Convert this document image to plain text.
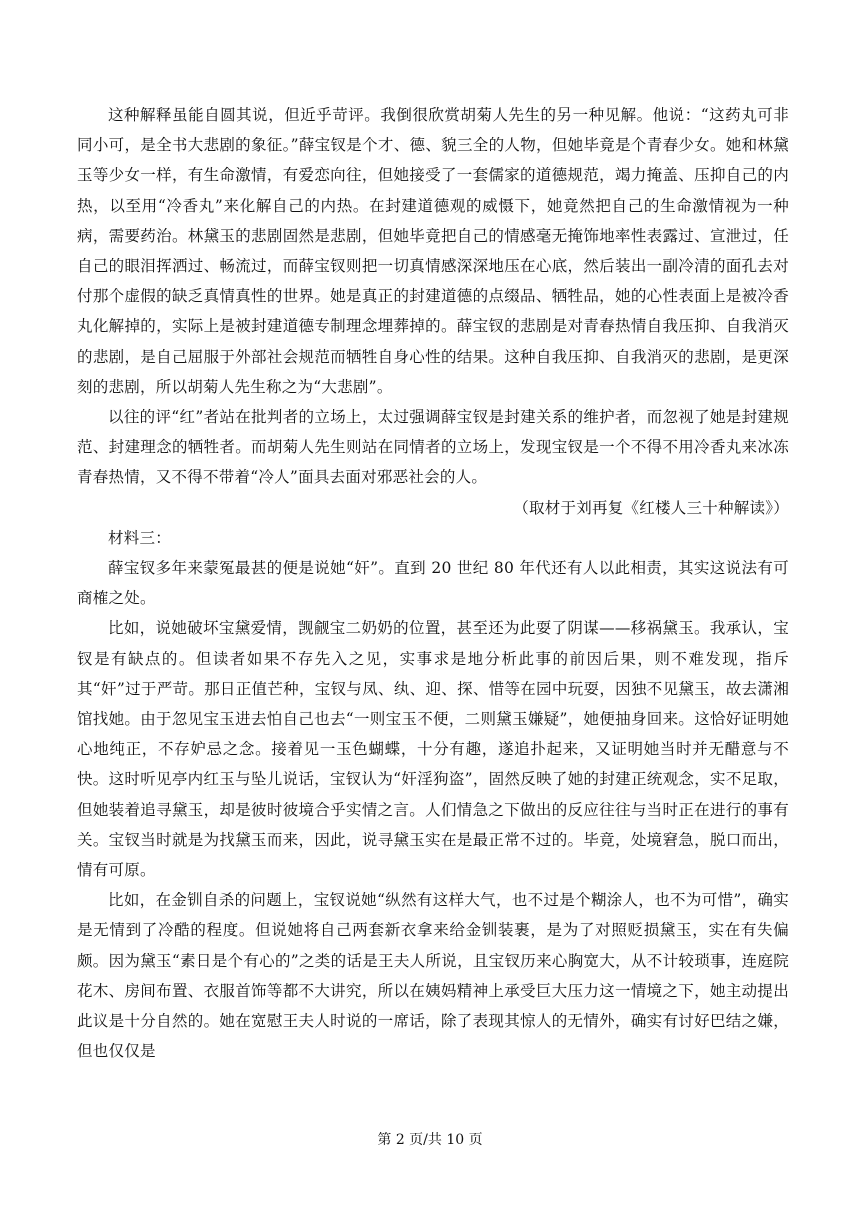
这种解释虽能自圆其说，但近乎苛评。我倒很欣赏胡菊人先生的另一种见解。他说：“这药丸可非同小可，是全书大悲剧的象征。”薛宝钗是个才、德、貌三全的人物，但她毕竟是个青春少女。她和林黛玉等少女一样，有生命激情，有爱恋向往，但她接受了一套儒家的道德规范，竭力掩盖、压抑自己的内热，以至用“冷香丸”来化解自己的内热。在封建道德观的威慑下，她竟然把自己的生命激情视为一种病，需要药治。林黛玉的悲剧固然是悲剧，但她毕竟把自己的情感毫无掩饰地率性表露过、宣泄过，任自己的眼泪挥洒过、畅流过，而薛宝钗则把一切真情感深深地压在心底，然后装出一副冷清的面孔去对付那个虚假的缺乏真情真性的世界。她是真正的封建道德的点缀品、牺牲品，她的心性表面上是被冷香丸化解掉的，实际上是被封建道德专制理念埋葬掉的。薛宝钗的悲剧是对青春热情自我压抑、自我消灭的悲剧，是自己屈服于外部社会规范而牺牲自身心性的结果。这种自我压抑、自我消灭的悲剧，是更深刻的悲剧，所以胡菊人先生称之为“大悲剧”。

以往的评“红”者站在批判者的立场上，太过强调薛宝钗是封建关系的维护者，而忽视了她是封建规范、封建理念的牺牲者。而胡菊人先生则站在同情者的立场上，发现宝钗是一个不得不用冷香丸来冰冻青春热情，又不得不带着“冷人”面具去面对邪恶社会的人。

（取材于刘再复《红楼人三十种解读》）

材料三：

薛宝钗多年来蒙冤最甚的便是说她“奸”。直到 20 世纪 80 年代还有人以此相责，其实这说法有可商榷之处。

比如，说她破坏宝黛爱情，觊觎宝二奶奶的位置，甚至还为此耍了阴谋——移祸黛玉。我承认，宝钗是有缺点的。但读者如果不存先入之见，实事求是地分析此事的前因后果，则不难发现，指斥其“奸”过于严苛。那日正值芒种，宝钗与凤、纨、迎、探、惜等在园中玩耍，因独不见黛玉，故去潇湘馆找她。由于忽见宝玉进去怕自己也去“一则宝玉不便，二则黛玉嫌疑”，她便抽身回来。这恰好证明她心地纯正，不存妒忌之念。接着见一玉色蝴蝶，十分有趣，遂追扑起来，又证明她当时并无醋意与不快。这时听见亭内红玉与坠儿说话，宝钗认为“奸淫狗盗”，固然反映了她的封建正统观念，实不足取，但她装着追寻黛玉，却是彼时彼境合乎实情之言。人们情急之下做出的反应往往与当时正在进行的事有关。宝钗当时就是为找黛玉而来，因此，说寻黛玉实在是最正常不过的。毕竟，处境窘急，脱口而出，情有可原。

比如，在金钏自杀的问题上，宝钗说她“纵然有这样大气，也不过是个糊涂人，也不为可惜”，确实是无情到了冷酷的程度。但说她将自己两套新衣拿来给金钏装裹，是为了对照贬损黛玉，实在有失偏颇。因为黛玉“素日是个有心的”之类的话是王夫人所说，且宝钗历来心胸宽大，从不计较琐事，连庭院花木、房间布置、衣服首饰等都不大讲究，所以在姨妈精神上承受巨大压力这一情境之下，她主动提出此议是十分自然的。她在宽慰王夫人时说的一席话，除了表现其惊人的无情外，确实有讨好巴结之嫌，但也仅仅是

第 2 页/共 10 页
